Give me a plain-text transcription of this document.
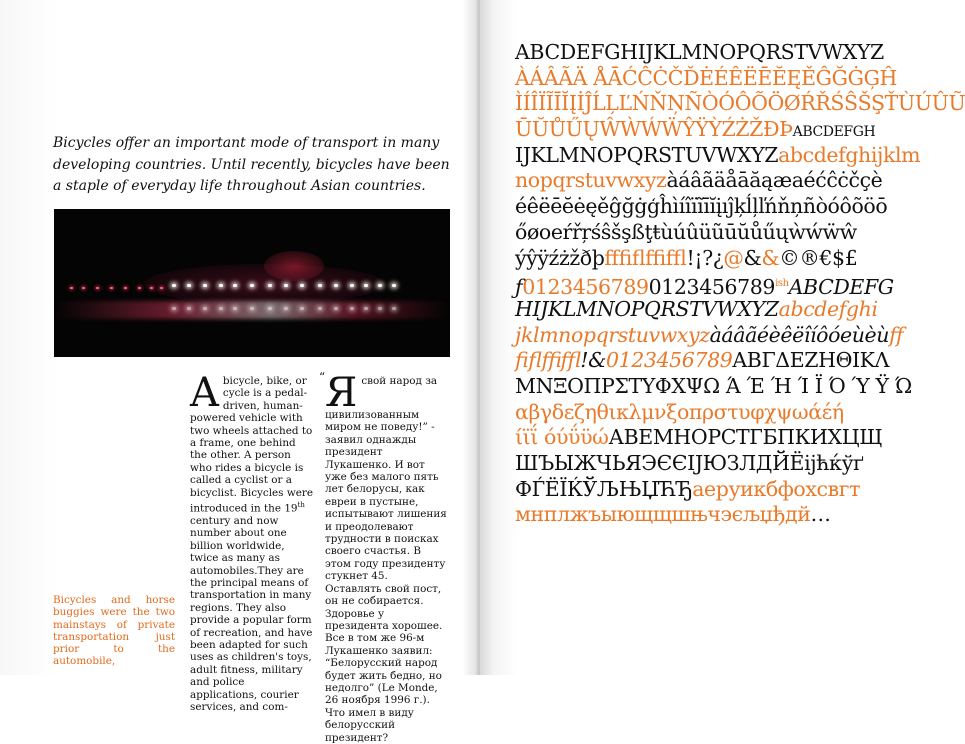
Bicycles offer an important mode of transport in many developing countries. Until recently, bicycles have been a staple of everyday life throughout Asian countries.

Bicycles and horse buggies were the two mainstays of private transportation just prior to the automobile,

Abicycle, bike, or cycle is a pedal-driven, human-powered vehicle with two wheels attached to a frame, one behind the other. A person who rides a bicycle is called a cyclist or a bicyclist. Bicycles were introduced in the 19th century and now number about one billion worldwide, twice as many as automobiles.They are the principal means of transportation in many regions. They also provide a popular form of recreation, and have been adapted for such uses as children's toys, adult fitness, military and police applications, courier services, and com-
“ Я свой народ за цивилизованным миром не поведу!” - заявил однажды президент Лукашенко. И вот уже без малого пять лет белорусы, как евреи в пустыне, испытывают лишения и преодолевают трудности в поисках своего счастья. В этом году президенту стукнет 45. Оставлять свой пост, он не собирается. Здоровье у президента хорошее. Все в том же 96-м Лукашенко заявил: “Белорусский народ будет жить бедно, но недолго” (Le Monde, 26 ноября 1996 г.). Что имел в виду белорусский президент?
ABCDEFGHIJKLMNOPQRSTVWXYZ
ÀÁÂÃÄ ÅĀĆĈĊČĎĖÉÊËĒĔĘĚĜĞĠĢĤ
ÌÍÎÏĨĪĬĮİĴĹĻĽŃŇŅÑÒÓÔÕÖØŔŘŚŜŠŞŤÙÚÛŨ
ŪŬŮŰŲŴẀẂẄŶŸỲŹŻŽÐÞABCDEFGH
IJKLMNOPQRSTUVWXYZabcdefghijklm
nopqrstuvwxyzàáâãäåāăąæaéćĉċčçè
éêëēĕėęěĝğġģĥìíîïĩīĭįıĵķĺļľńňņñòóôõöō
őøoeŕřŗśŝšşßţŧùúûüũūŭůűųẁẃẅŵ
ýŷÿźżžðþﬀﬁﬂﬃﬄ!¡?¿@&&©®€$£
$ƒ01234567890123456789^{ish}ABCDEFG$
HIJKLMNOPQRSTVWXYZabcdefghi
jklmnopqrstuvwxyzàáâãéèêëîíôóeùèùﬀ
ﬁﬂﬃﬄ!&0123456789ΑΒΓΔΕΖΗΘΙΚΛ
ΜΝΞΟΠΡΣΤΥΦΧΨΩ Ά Έ Ή Ί Ϊ Ό Ύ Ϋ Ώ
αβγδεζηθικλμνξοπρστυφχψωάέή
ίϊΐ όύΰϋώАВЕМНОРСТГБПКИХЦЩ
ШЪЫЖЧЬЯЭЄЄІЈЮЗЛДЙЁіјћќўґ
ФЃЁЇЌЎЉЊЏЋЂаеруикбфохсвгт
мнплжъыющщшњчэєљџђдй…
